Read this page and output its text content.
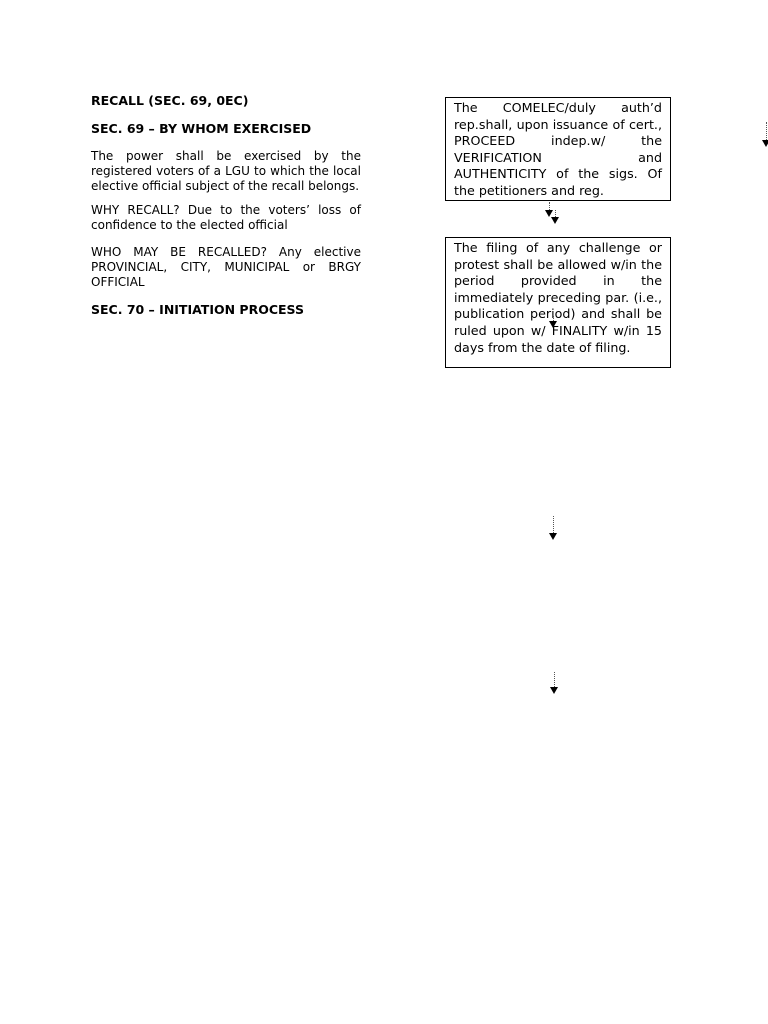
RECALL (SEC. 69, 0EC)
SEC. 69 – BY WHOM EXERCISED
The power shall be exercised by the registered voters of a LGU to which the local elective official subject of the recall belongs.
WHY RECALL? Due to the voters’ loss of confidence to the elected official
WHO MAY BE RECALLED? Any elective PROVINCIAL, CITY, MUNICIPAL or BRGY OFFICIAL
SEC. 70 – INITIATION PROCESS
The COMELEC/duly auth’d rep.shall, upon issuance of cert., PROCEED indep.w/ the VERIFICATION and AUTHENTICITY of the sigs. Of the petitioners and reg.
The filing of any challenge or protest shall be allowed w/in the period provided in the immediately preceding par. (i.e., publication period) and shall be ruled upon w/ FINALITY w/in 15 days from the date of filing.
